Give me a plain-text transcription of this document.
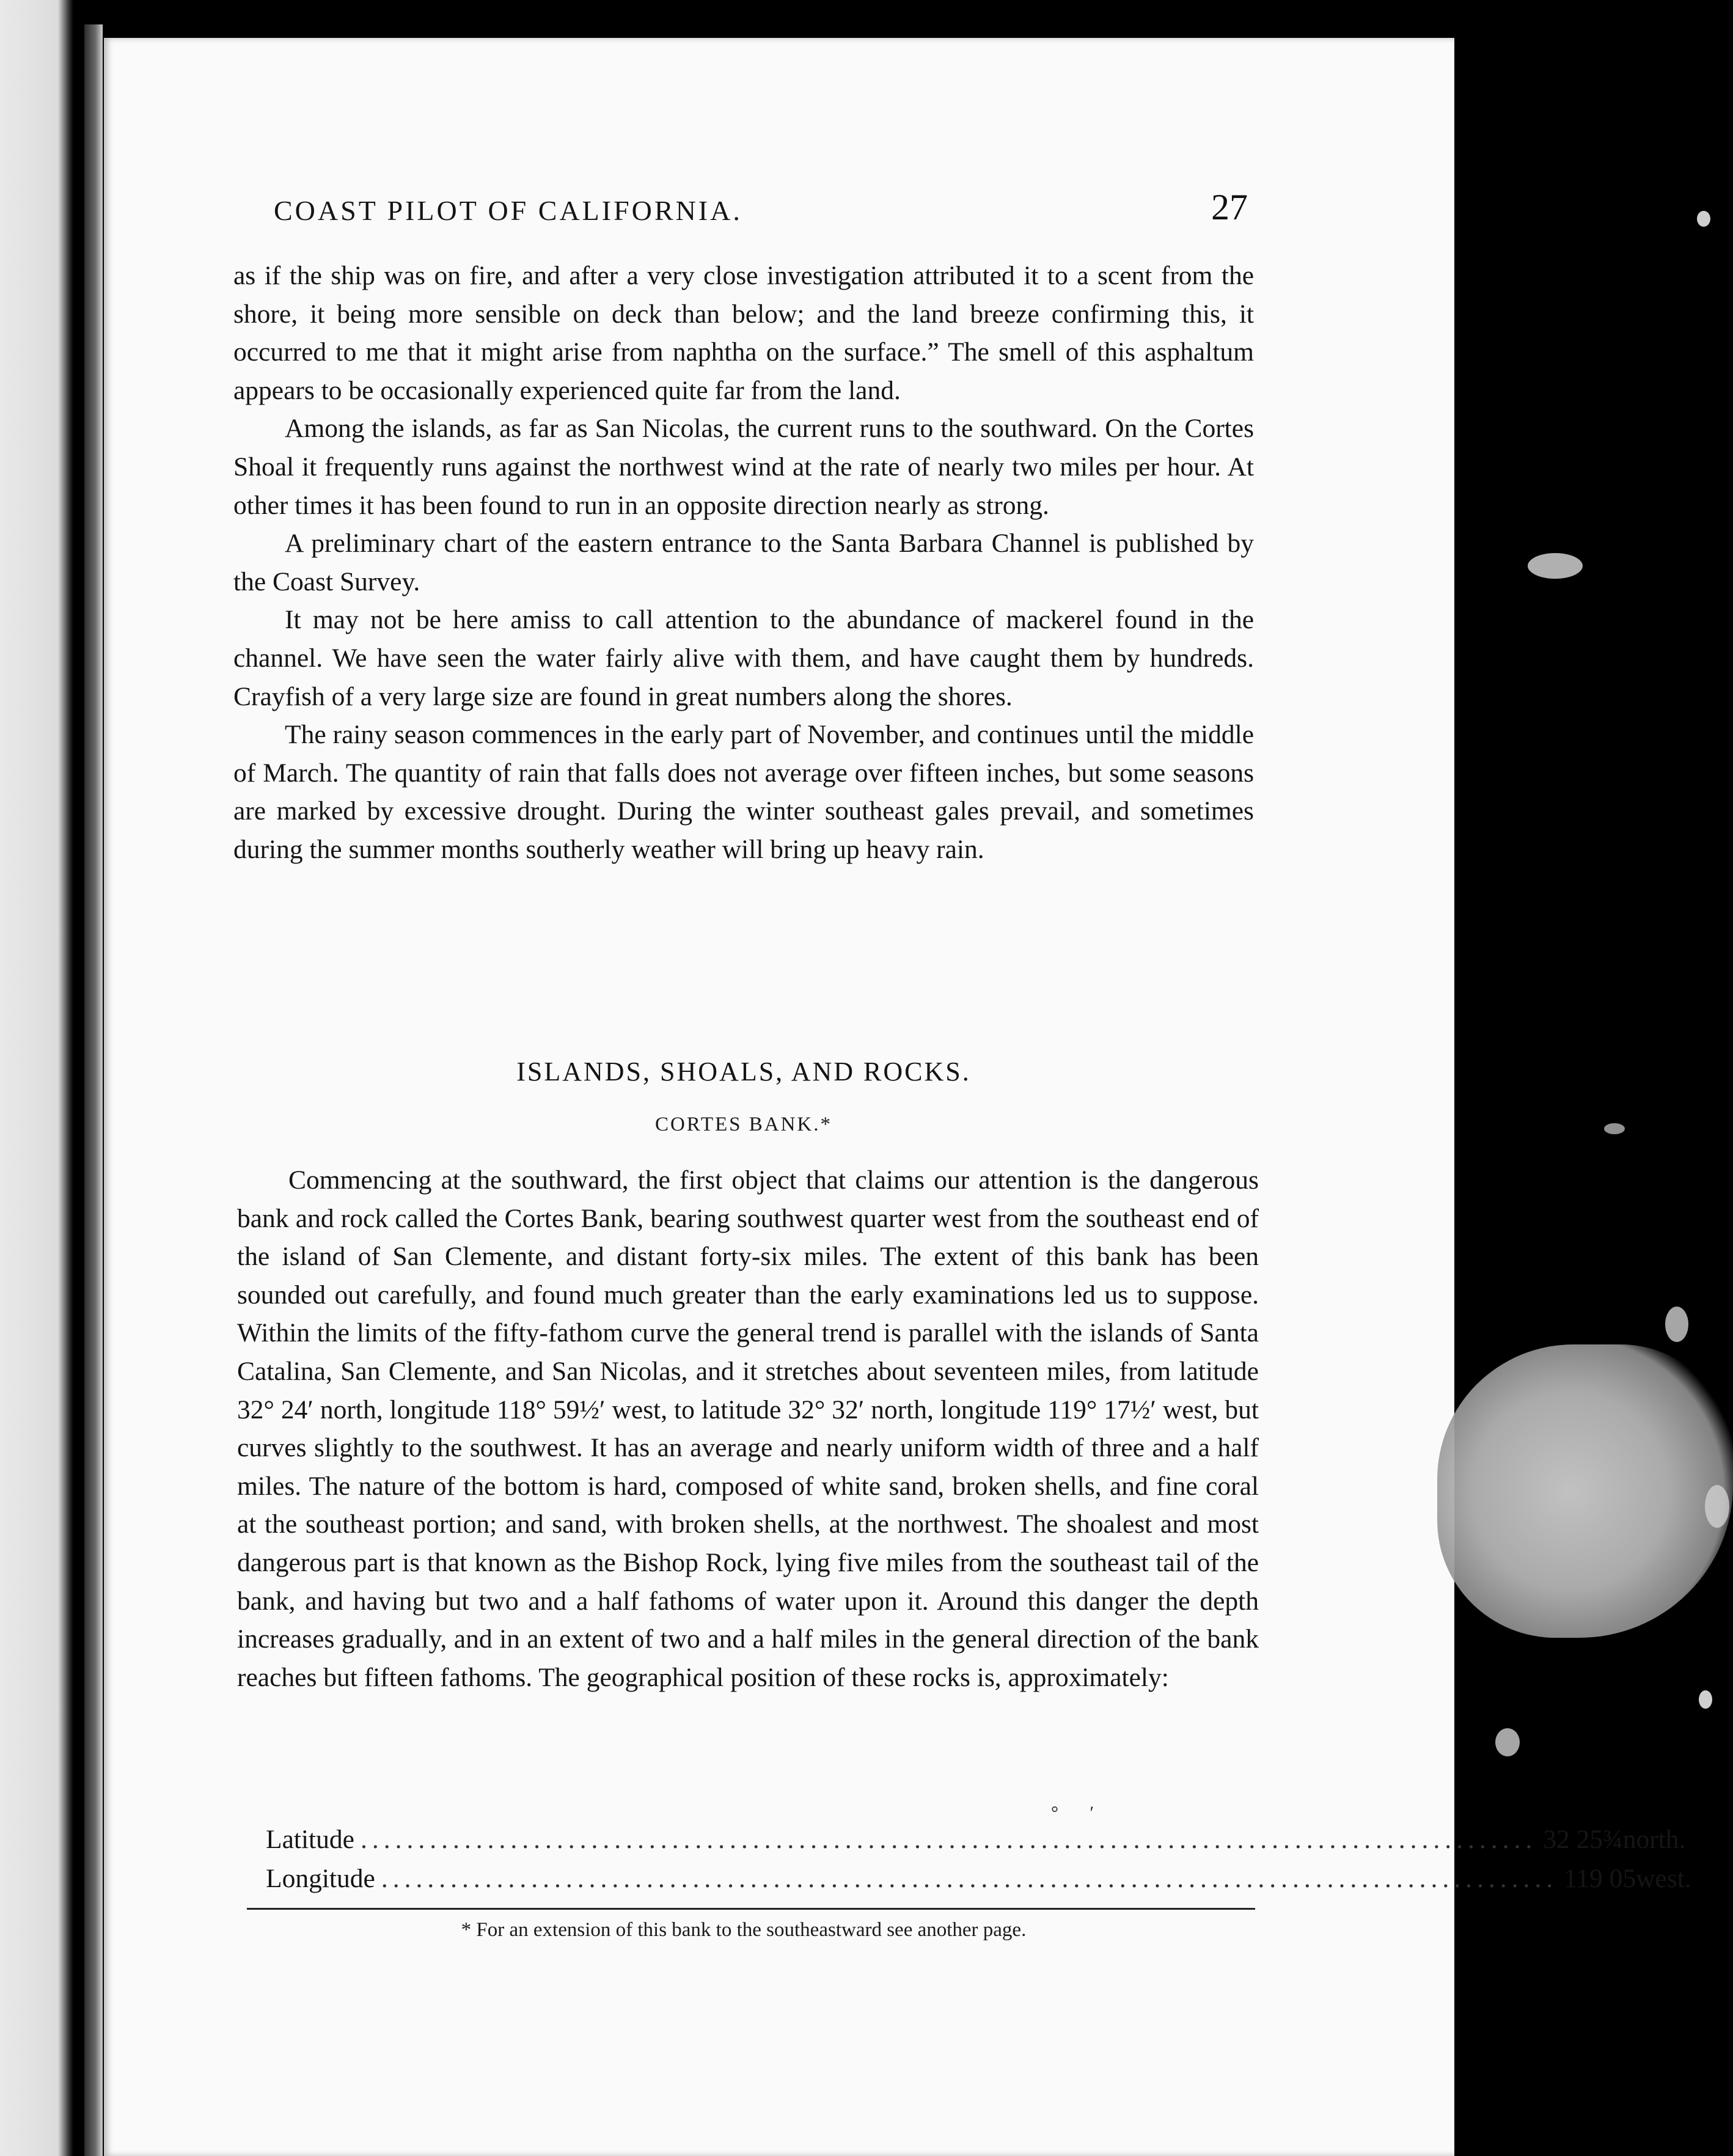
COAST PILOT OF CALIFORNIA.	27

as if the ship was on fire, and after a very close investigation attributed it to a scent from the shore, it being more sensible on deck than below; and the land breeze confirming this, it occurred to me that it might arise from naphtha on the surface.” The smell of this asphaltum appears to be occasionally experienced quite far from the land.

Among the islands, as far as San Nicolas, the current runs to the southward. On the Cortes Shoal it frequently runs against the northwest wind at the rate of nearly two miles per hour. At other times it has been found to run in an opposite direction nearly as strong.

A preliminary chart of the eastern entrance to the Santa Barbara Channel is published by the Coast Survey.

It may not be here amiss to call attention to the abundance of mackerel found in the channel. We have seen the water fairly alive with them, and have caught them by hundreds. Crayfish of a very large size are found in great numbers along the shores.

The rainy season commences in the early part of November, and continues until the middle of March. The quantity of rain that falls does not average over fifteen inches, but some seasons are marked by excessive drought. During the winter southeast gales prevail, and sometimes during the summer months southerly weather will bring up heavy rain.

ISLANDS, SHOALS, AND ROCKS.
CORTES BANK.*

Commencing at the southward, the first object that claims our attention is the dangerous bank and rock called the Cortes Bank, bearing southwest quarter west from the southeast end of the island of San Clemente, and distant forty-six miles. The extent of this bank has been sounded out carefully, and found much greater than the early examinations led us to suppose. Within the limits of the fifty-fathom curve the general trend is parallel with the islands of Santa Catalina, San Clemente, and San Nicolas, and it stretches about seventeen miles, from latitude 32° 24′ north, longitude 118° 59½′ west, to latitude 32° 32′ north, longitude 119° 17½′ west, but curves slightly to the southwest. It has an average and nearly uniform width of three and a half miles. The nature of the bottom is hard, composed of white sand, broken shells, and fine coral at the southeast portion; and sand, with broken shells, at the northwest. The shoalest and most dangerous part is that known as the Bishop Rock, lying five miles from the southeast tail of the bank, and having but two and a half fathoms of water upon it. Around this danger the depth increases gradually, and in an extent of two and a half miles in the general direction of the bank reaches but fifteen fathoms. The geographical position of these rocks is, approximately:

° ′
Latitude ...................................................................................................... 32 25¾ north.
Longitude ...................................................................................................... 119 05 west.
* For an extension of this bank to the southeastward see another page.
